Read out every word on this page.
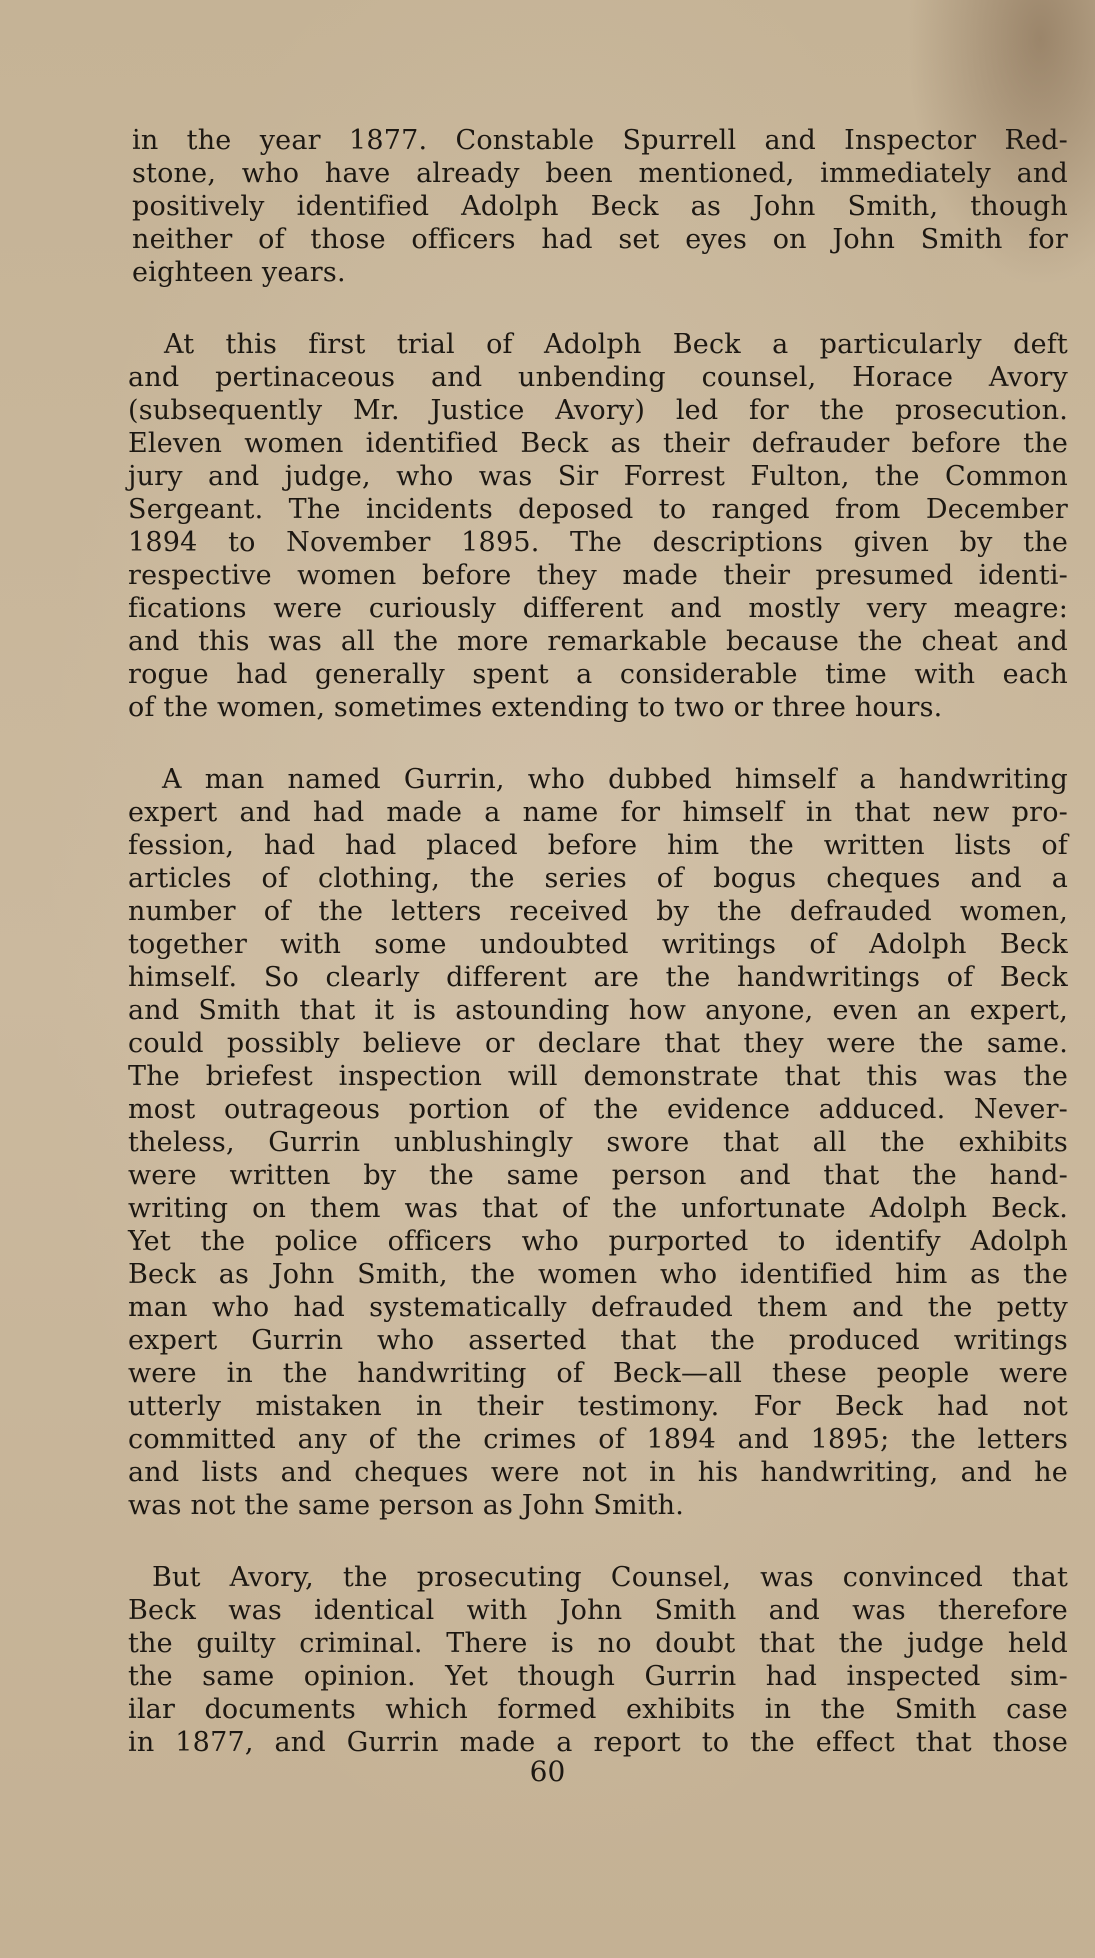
in the year 1877. Constable Spurrell and Inspector Red-
stone, who have already been mentioned, immediately and
positively identified Adolph Beck as John Smith, though
neither of those officers had set eyes on John Smith for
eighteen years.
At this first trial of Adolph Beck a particularly deft
and pertinaceous and unbending counsel, Horace Avory
(subsequently Mr. Justice Avory) led for the prosecution.
Eleven women identified Beck as their defrauder before the
jury and judge, who was Sir Forrest Fulton, the Common
Sergeant. The incidents deposed to ranged from December
1894 to November 1895. The descriptions given by the
respective women before they made their presumed identi-
fications were curiously different and mostly very meagre:
and this was all the more remarkable because the cheat and
rogue had generally spent a considerable time with each
of the women, sometimes extending to two or three hours.
A man named Gurrin, who dubbed himself a handwriting
expert and had made a name for himself in that new pro-
fession, had had placed before him the written lists of
articles of clothing, the series of bogus cheques and a
number of the letters received by the defrauded women,
together with some undoubted writings of Adolph Beck
himself. So clearly different are the handwritings of Beck
and Smith that it is astounding how anyone, even an expert,
could possibly believe or declare that they were the same.
The briefest inspection will demonstrate that this was the
most outrageous portion of the evidence adduced. Never-
theless, Gurrin unblushingly swore that all the exhibits
were written by the same person and that the hand-
writing on them was that of the unfortunate Adolph Beck.
Yet the police officers who purported to identify Adolph
Beck as John Smith, the women who identified him as the
man who had systematically defrauded them and the petty
expert Gurrin who asserted that the produced writings
were in the handwriting of Beck—all these people were
utterly mistaken in their testimony. For Beck had not
committed any of the crimes of 1894 and 1895; the letters
and lists and cheques were not in his handwriting, and he
was not the same person as John Smith.
But Avory, the prosecuting Counsel, was convinced that
Beck was identical with John Smith and was therefore
the guilty criminal. There is no doubt that the judge held
the same opinion. Yet though Gurrin had inspected sim-
ilar documents which formed exhibits in the Smith case
in 1877, and Gurrin made a report to the effect that those
60
